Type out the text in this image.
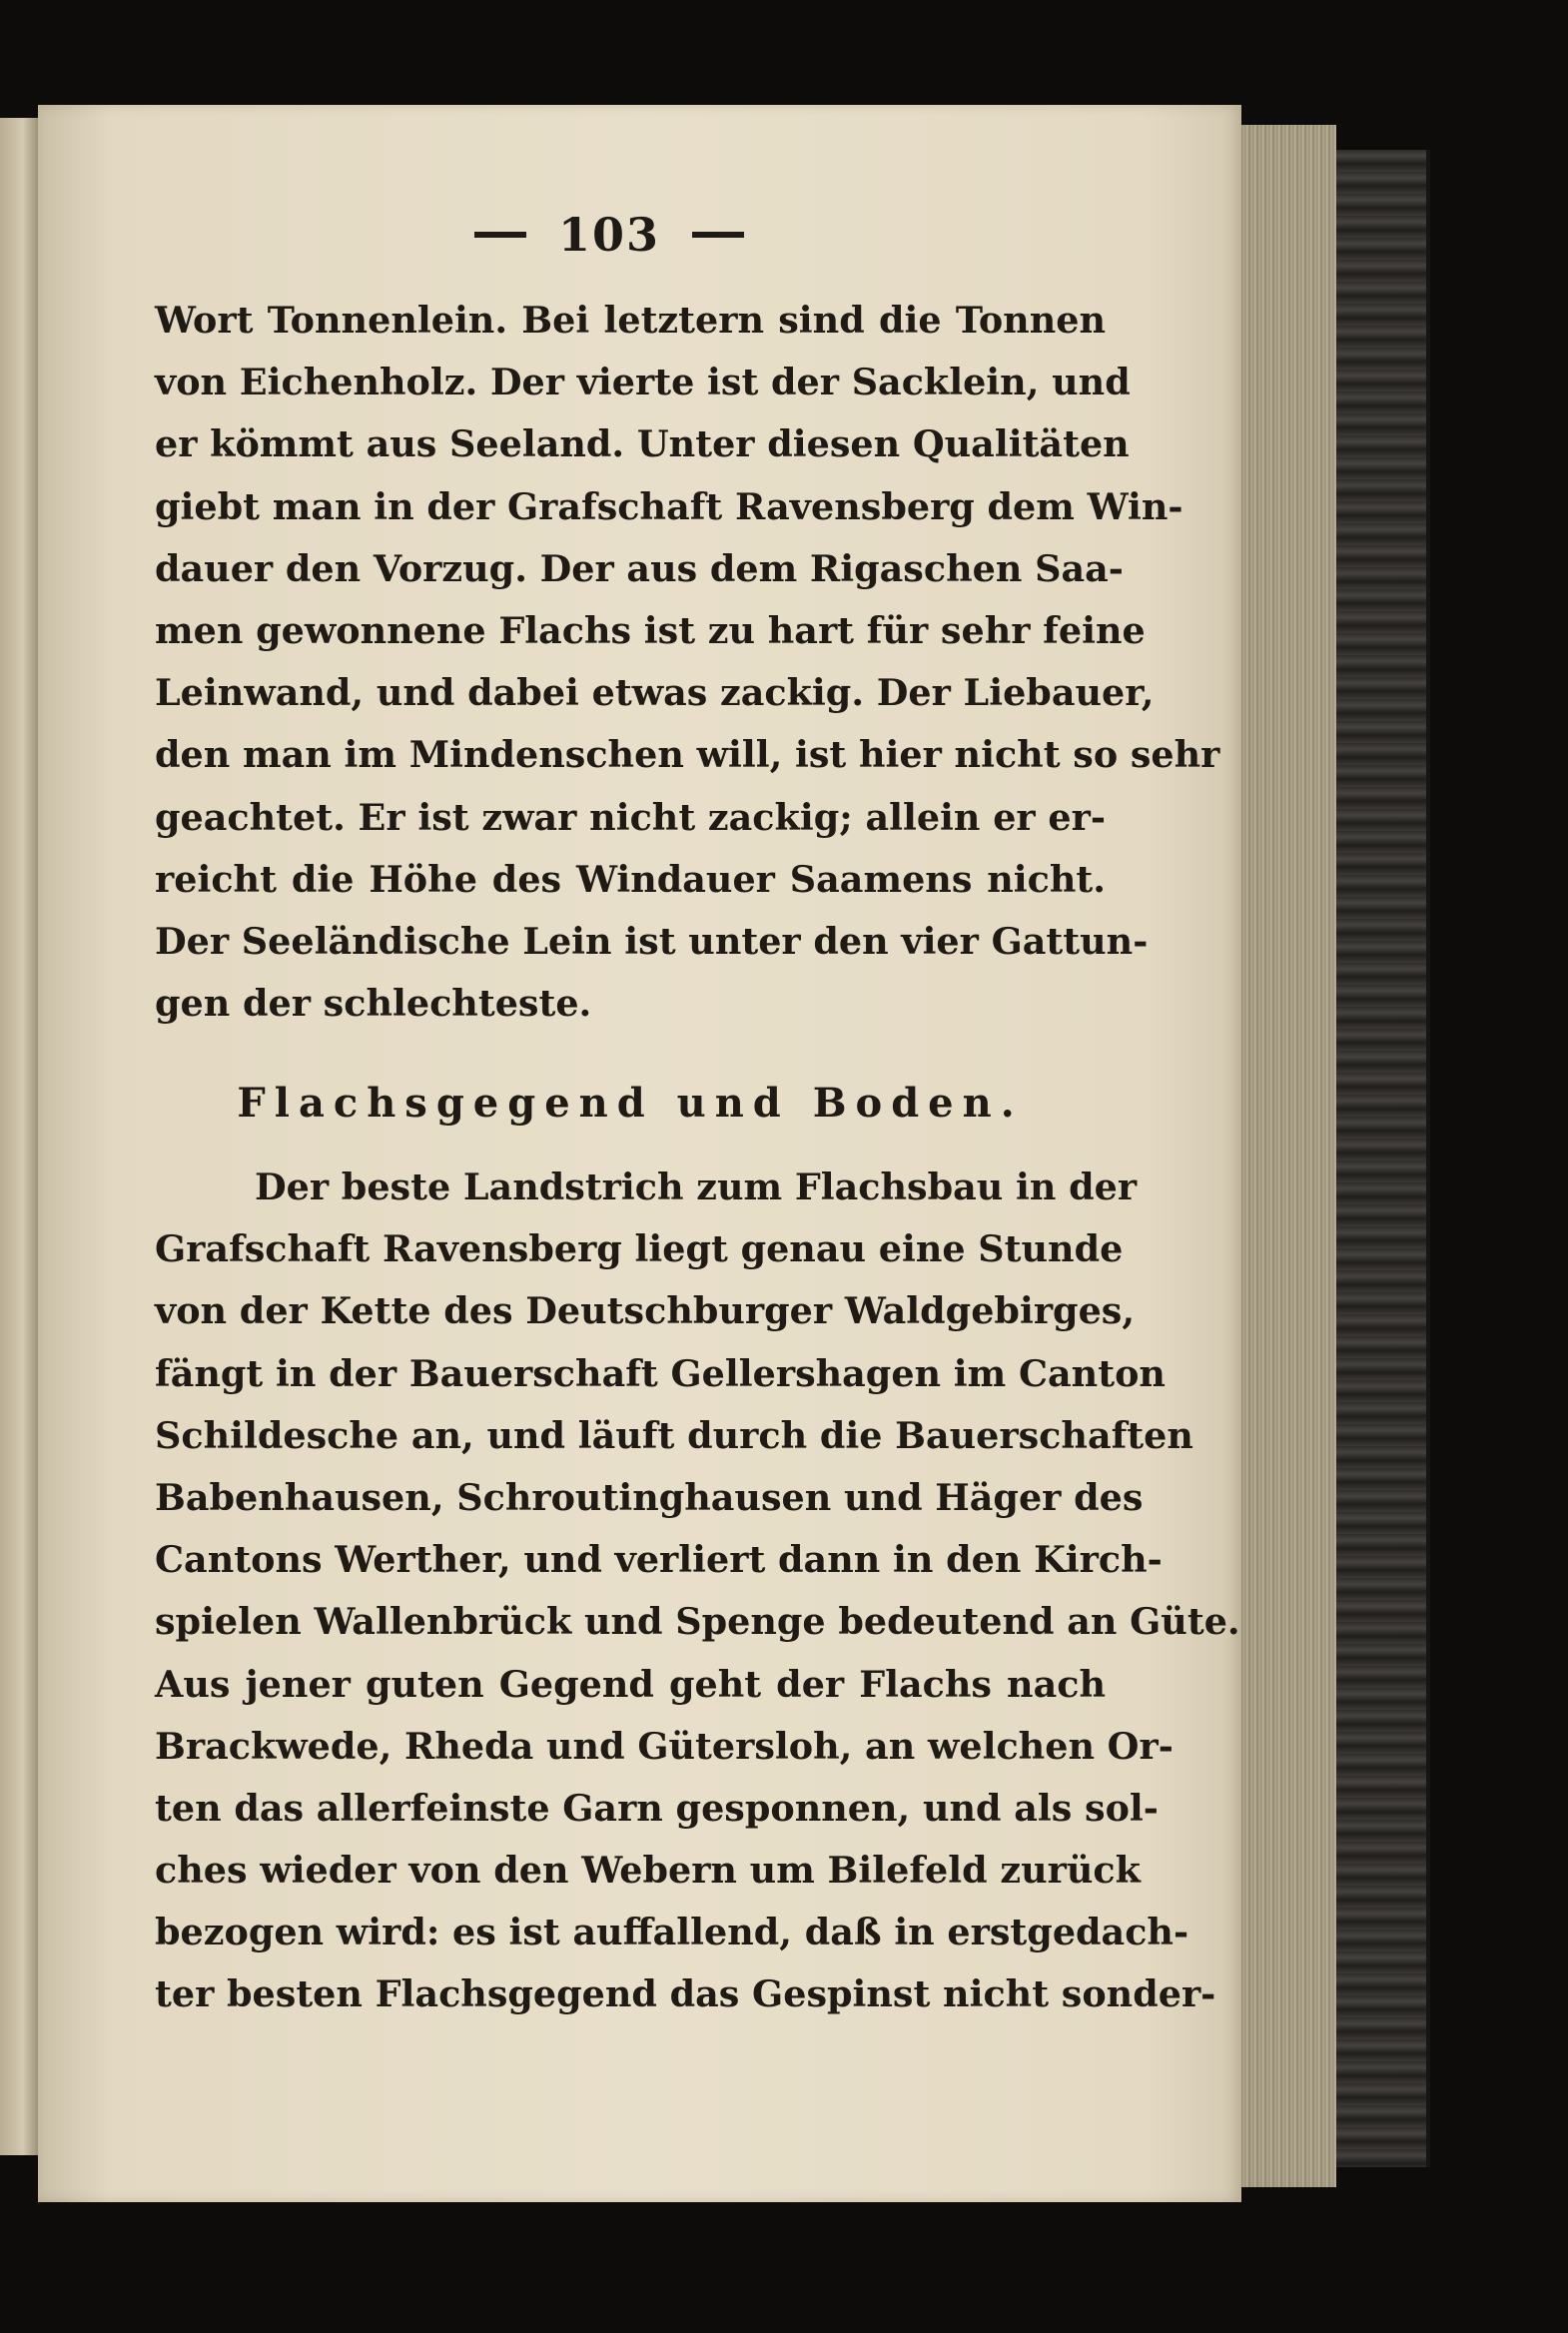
103
Wort Tonnenlein. Bei letztern sind die Tonnen
von Eichenholz. Der vierte ist der Sacklein, und
er kömmt aus Seeland. Unter diesen Qualitäten
giebt man in der Grafschaft Ravensberg dem Win-
dauer den Vorzug. Der aus dem Rigaschen Saa-
men gewonnene Flachs ist zu hart für sehr feine
Leinwand, und dabei etwas zackig. Der Liebauer,
den man im Mindenschen will, ist hier nicht so sehr
geachtet. Er ist zwar nicht zackig; allein er er-
reicht die Höhe des Windauer Saamens nicht.
Der Seeländische Lein ist unter den vier Gattun-
gen der schlechteste.
Flachsgegend und Boden.
Der beste Landstrich zum Flachsbau in der
Grafschaft Ravensberg liegt genau eine Stunde
von der Kette des Deutschburger Waldgebirges,
fängt in der Bauerschaft Gellershagen im Canton
Schildesche an, und läuft durch die Bauerschaften
Babenhausen, Schroutinghausen und Häger des
Cantons Werther, und verliert dann in den Kirch-
spielen Wallenbrück und Spenge bedeutend an Güte.
Aus jener guten Gegend geht der Flachs nach
Brackwede, Rheda und Gütersloh, an welchen Or-
ten das allerfeinste Garn gesponnen, und als sol-
ches wieder von den Webern um Bilefeld zurück
bezogen wird: es ist auffallend, daß in erstgedach-
ter besten Flachsgegend das Gespinst nicht sonder-
